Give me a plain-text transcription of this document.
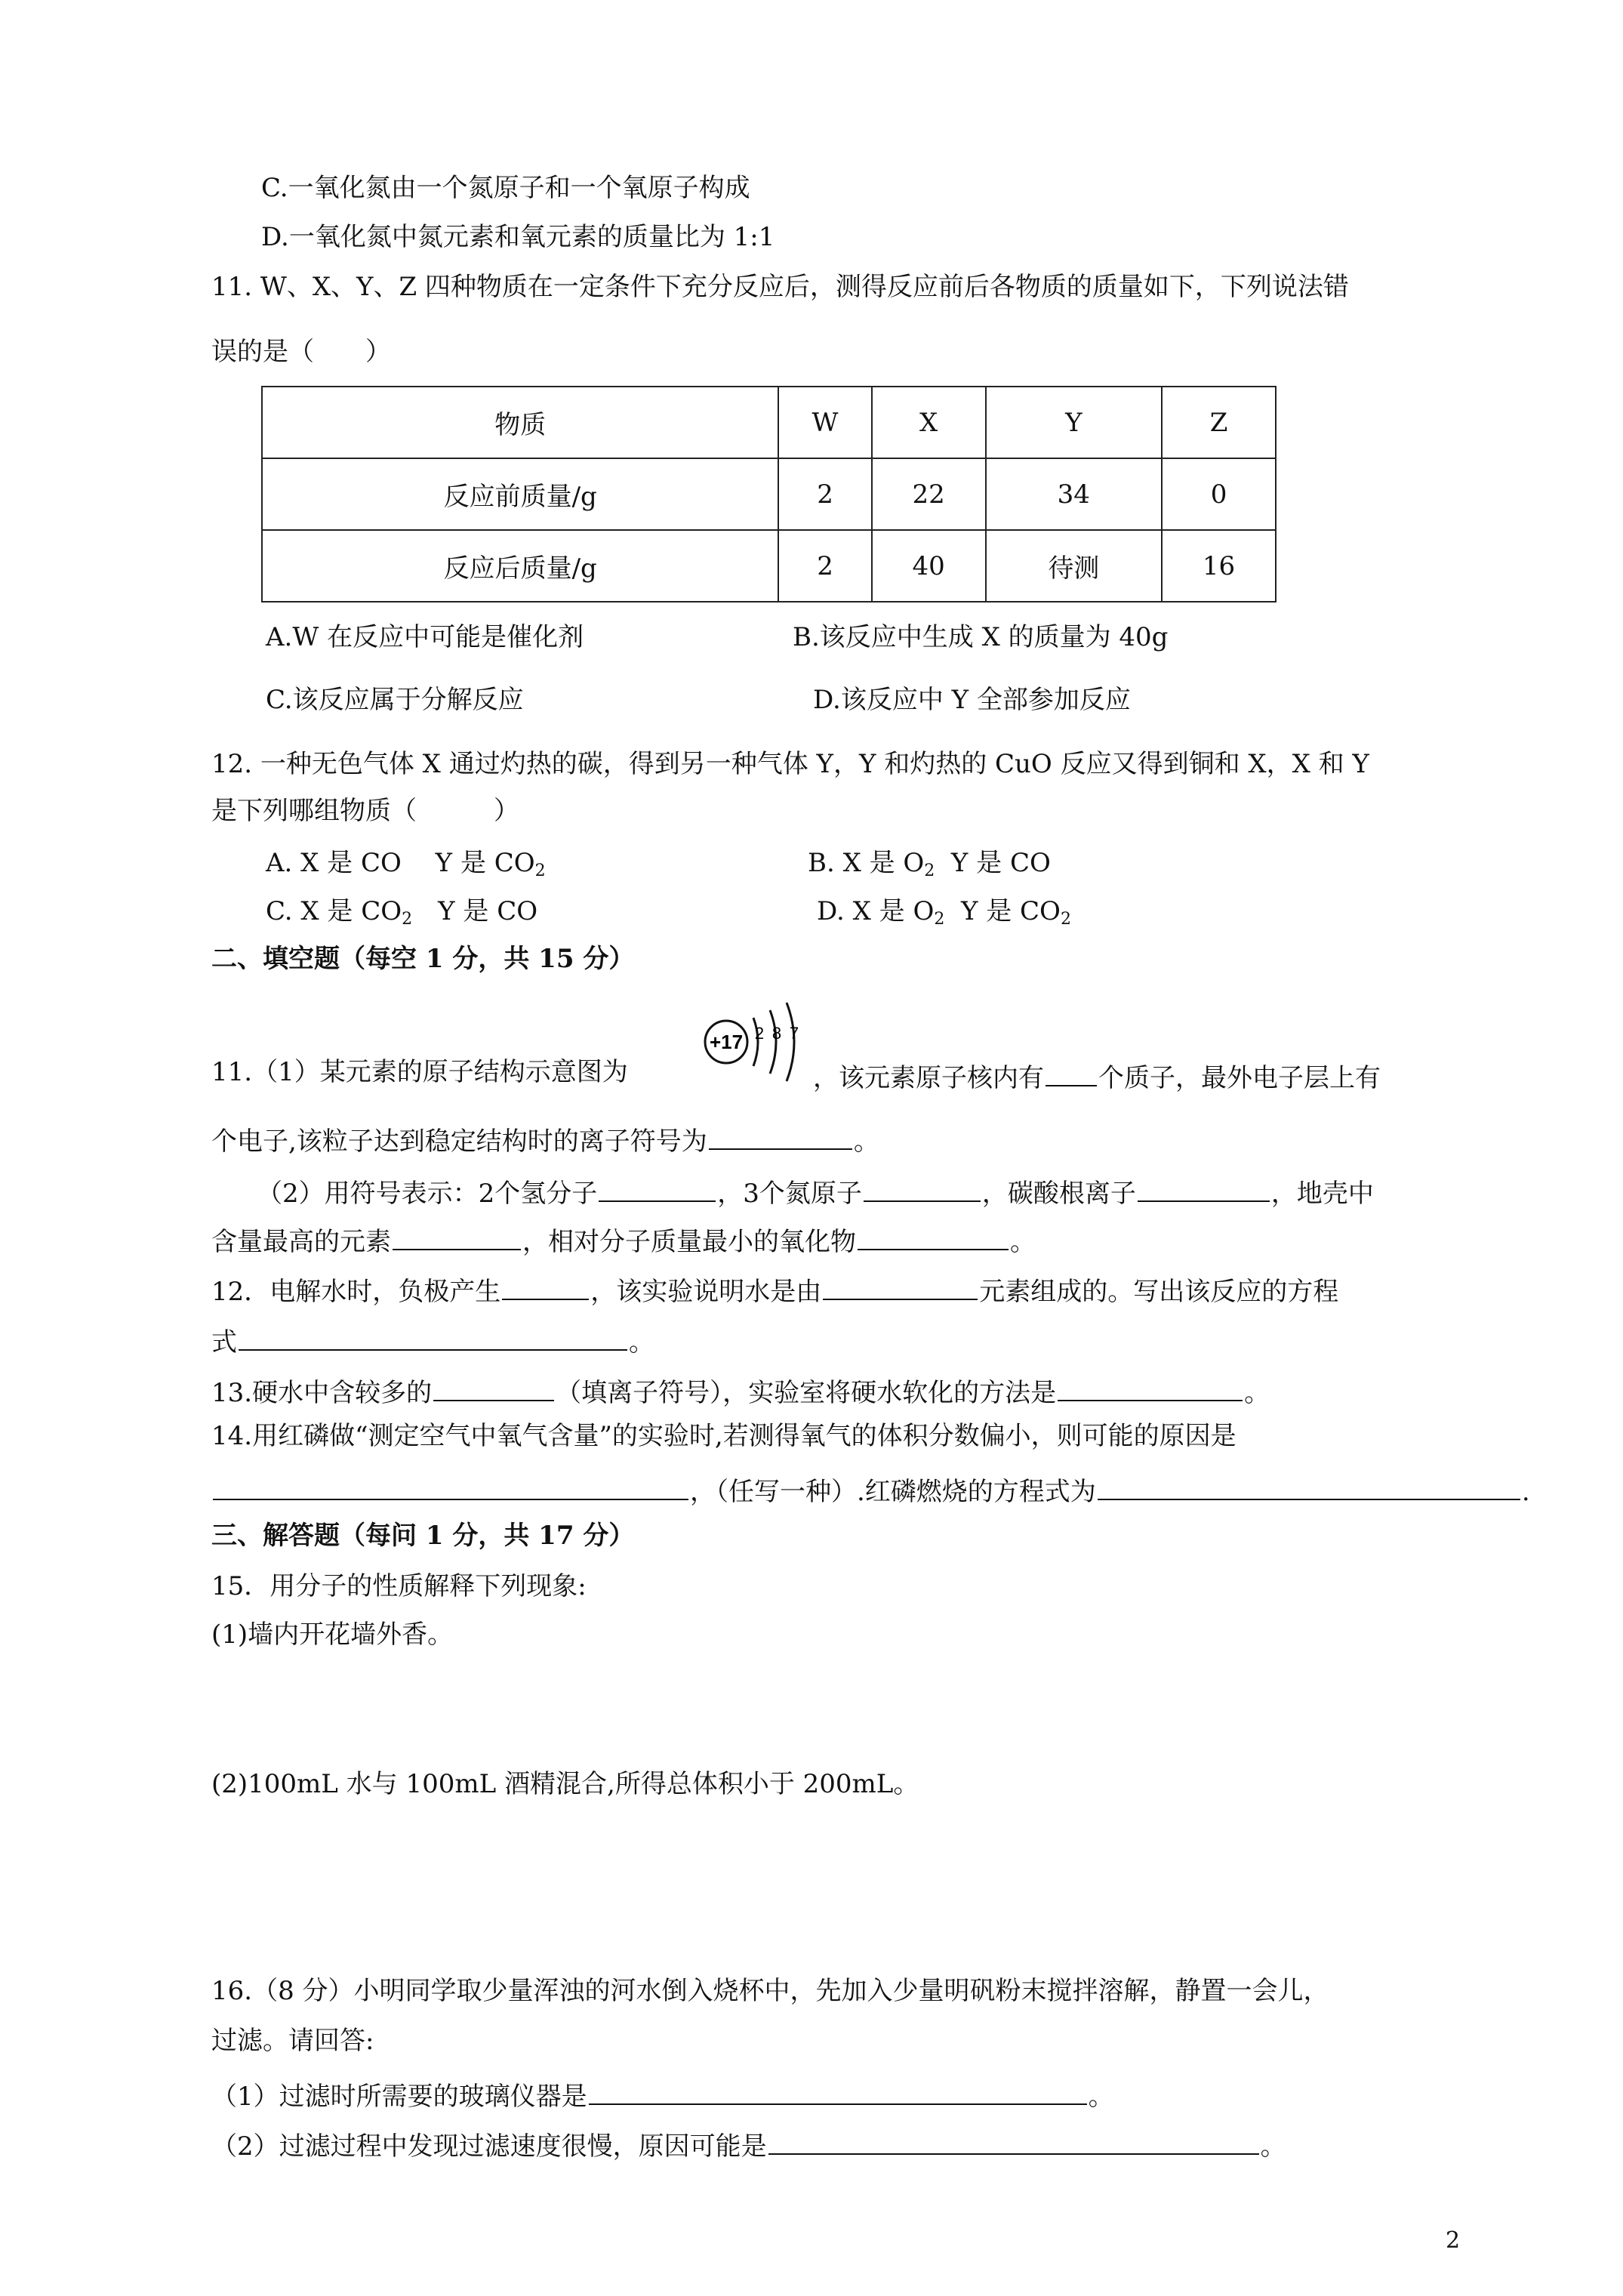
C.一氧化氮由一个氮原子和一个氧原子构成
D.一氧化氮中氮元素和氧元素的质量比为 1:1
11. W、X、Y、Z 四种物质在一定条件下充分反应后，测得反应前后各物质的质量如下，下列说法错
误的是（　　）
物质	W	X	Y	Z
反应前质量/g	2	22	34	0
反应后质量/g	2	40	待测	16
A.W 在反应中可能是催化剂	B.该反应中生成 X 的质量为 40g
C.该反应属于分解反应	D.该反应中 Y 全部参加反应
12. 一种无色气体 X 通过灼热的碳，得到另一种气体 Y，Y 和灼热的 CuO 反应又得到铜和 X，X 和 Y
是下列哪组物质（　　　）
A. X 是 CO　 Y 是 $CO_2$	B. X 是 $O_2$  Y 是 CO
C. X 是 $CO_2$　Y 是 CO	D. X 是 $O_2$  Y 是 $CO_2$
二、填空题（每空 1 分，共 15 分）
+17 2 8 7
11.（1）某元素的原子结构示意图为	，该元素原子核内有 个质子，最外电子层上有
个电子,该粒子达到稳定结构时的离子符号为	。
（2）用符号表示：2个氢分子	，3个氮原子	，碳酸根离子	，地壳中
含量最高的元素	，相对分子质量最小的氧化物	。
12．电解水时，负极产生	，该实验说明水是由	元素组成的。写出该反应的方程
式	。
13.硬水中含较多的	（填离子符号），实验室将硬水软化的方法是	。
14.用红磷做“测定空气中氧气含量”的实验时,若测得氧气的体积分数偏小，则可能的原因是
，（任写一种）.红磷燃烧的方程式为	.
三、解答题（每问 1 分，共 17 分）
15．用分子的性质解释下列现象:
(1)墙内开花墙外香。
(2)100mL 水与 100mL 酒精混合,所得总体积小于 200mL。
16.（8 分）小明同学取少量浑浊的河水倒入烧杯中，先加入少量明矾粉末搅拌溶解，静置一会儿，
过滤。请回答:
（1）过滤时所需要的玻璃仪器是	。
（2）过滤过程中发现过滤速度很慢，原因可能是	。
2
